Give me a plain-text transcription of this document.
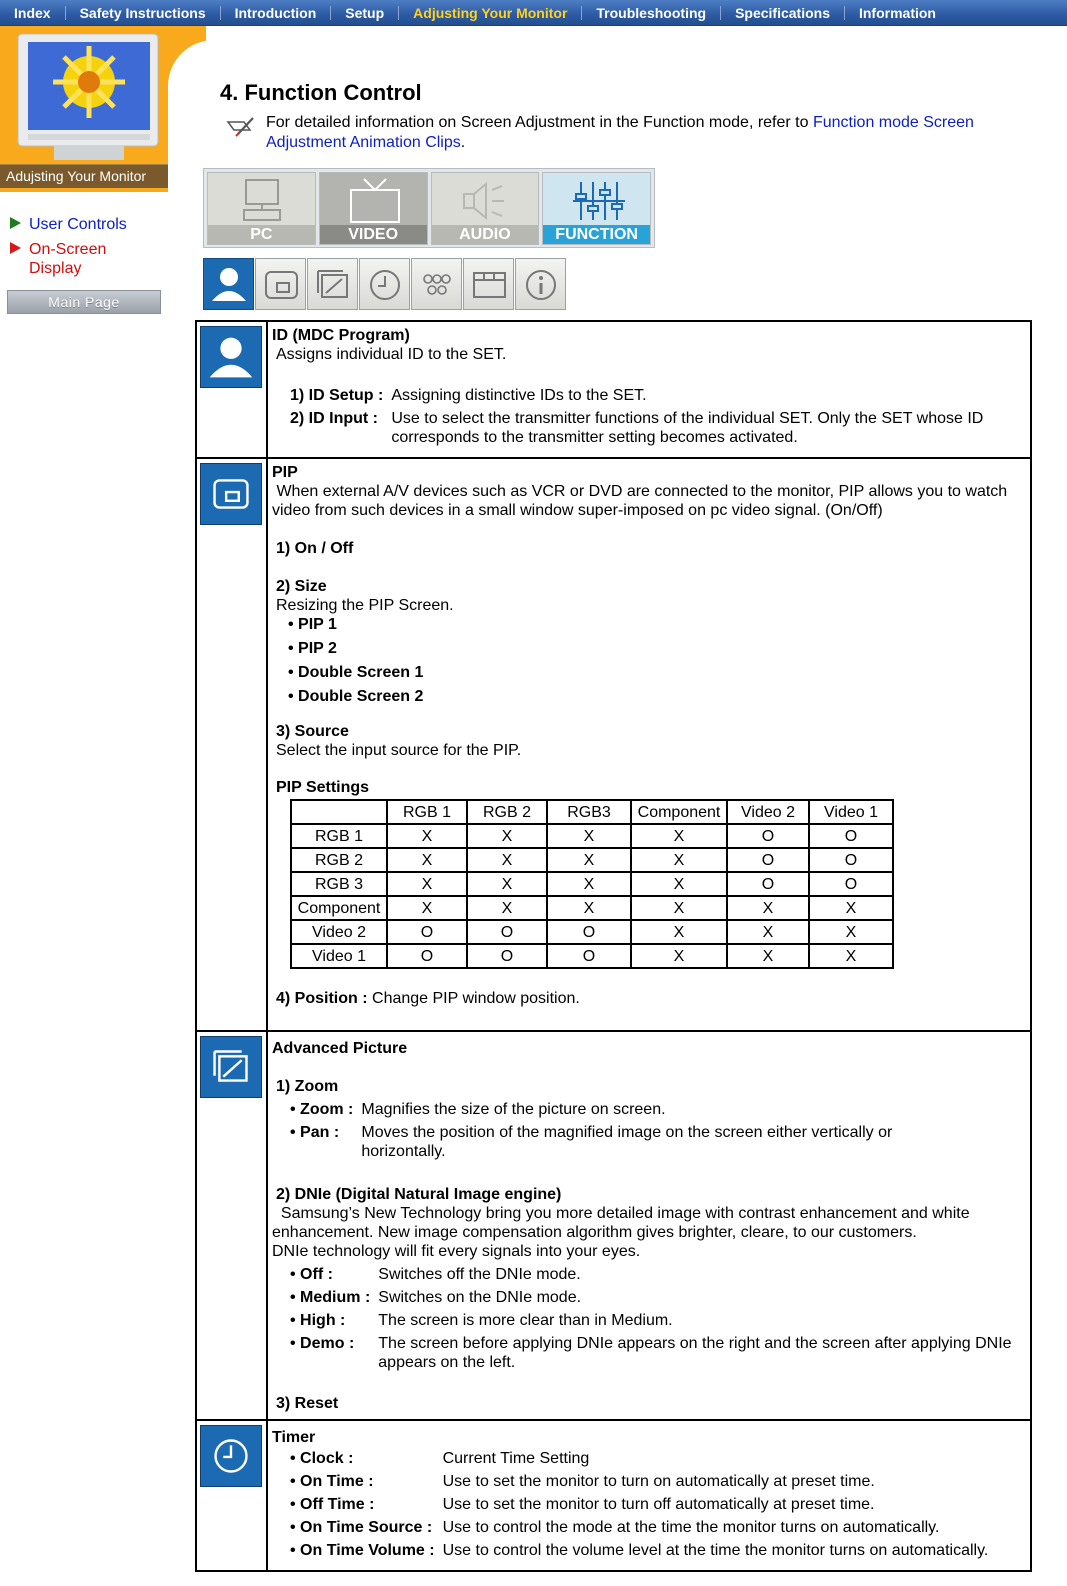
Index	Safety Instructions	Introduction	Setup	Adjusting Your Monitor	Troubleshooting	Specifications	Information
Adujsting Your Monitor
User Controls
On-Screen Display
Main Page
4. Function Control
For detailed information on Screen Adjustment in the Function mode, refer to Function mode Screen Adjustment Animation Clips.
PC	VIDEO	AUDIO	FUNCTION

ID (MDC Program)
Assigns individual ID to the SET.
1) ID Setup :	Assigning distinctive IDs to the SET.
2) ID Input :	Use to select the transmitter functions of the individual SET. Only the SET whose ID corresponds to the transmitter setting becomes activated.

PIP
When external A/V devices such as VCR or DVD are connected to the monitor, PIP allows you to watch video from such devices in a small window super-imposed on pc video signal. (On/Off)
1) On / Off
2) Size
Resizing the PIP Screen.
• PIP 1
• PIP 2
• Double Screen 1
• Double Screen 2
3) Source
Select the input source for the PIP.
PIP Settings
	RGB 1	RGB 2	RGB3	Component	Video 2	Video 1
RGB 1	X	X	X	X	O	O
RGB 2	X	X	X	X	O	O
RGB 3	X	X	X	X	O	O
Component	X	X	X	X	X	X
Video 2	O	O	O	X	X	X
Video 1	O	O	O	X	X	X
4) Position : Change PIP window position.

Advanced Picture
1) Zoom
• Zoom :	Magnifies the size of the picture on screen.
• Pan :	Moves the position of the magnified image on the screen either vertically or horizontally.
2) DNIe (Digital Natural Image engine)
Samsung’s New Technology bring you more detailed image with contrast enhancement and white enhancement. New image compensation algorithm gives brighter, cleare, to our customers.
DNIe technology will fit every signals into your eyes.
• Off :	Switches off the DNIe mode.
• Medium :	Switches on the DNIe mode.
• High :	The screen is more clear than in Medium.
• Demo :	The screen before applying DNIe appears on the right and the screen after applying DNIe appears on the left.
3) Reset

Timer
• Clock :	Current Time Setting
• On Time :	Use to set the monitor to turn on automatically at preset time.
• Off Time :	Use to set the monitor to turn off automatically at preset time.
• On Time Source :	Use to control the mode at the time the monitor turns on automatically.
• On Time Volume :	Use to control the volume level at the time the monitor turns on automatically.
